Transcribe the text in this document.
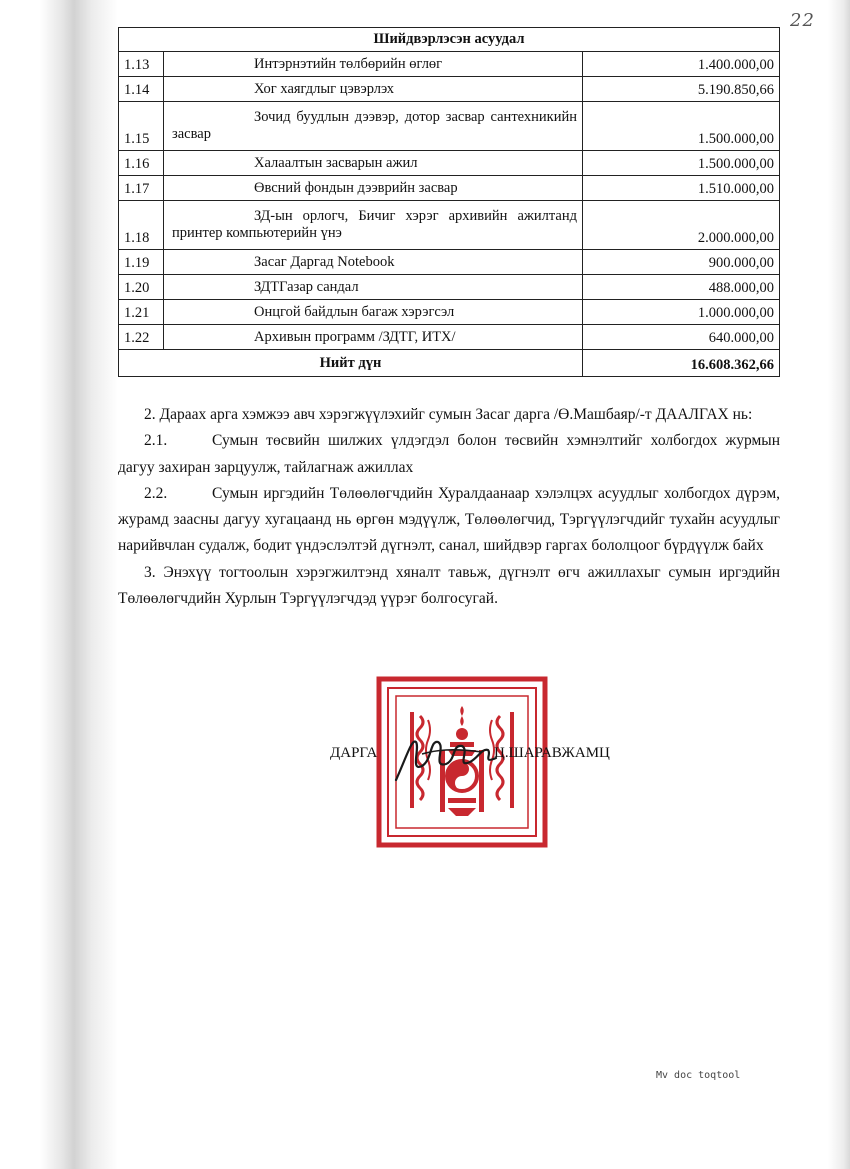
22
Шийдвэрлэсэн асуудал		
1.13	Интэрнэтийн төлбөрийн өглөг	1.400.000,00
1.14	Хог хаягдлыг цэвэрлэх	5.190.850,66
1.15	Зочид буудлын дээвэр, дотор засвар сантехникийн засвар	1.500.000,00
1.16	Халаалтын засварын ажил	1.500.000,00
1.17	Өвсний фондын дээврийн засвар	1.510.000,00
1.18	ЗД-ын орлогч, Бичиг хэрэг архивийн ажилтанд принтер компьютерийн үнэ	2.000.000,00
1.19	Засаг Даргад Notebook	900.000,00
1.20	ЗДТГазар сандал	488.000,00
1.21	Онцгой байдлын багаж хэрэгсэл	1.000.000,00
1.22	Архивын программ /ЗДТГ, ИТХ/	640.000,00
Нийт дүн		16.608.362,66

2. Дараах арга хэмжээ авч хэрэгжүүлэхийг сумын Засаг дарга /Ө.Машбаяр/-т ДААЛГАХ нь:

2.1.	Сумын төсвийн шилжих үлдэгдэл болон төсвийн хэмнэлтийг холбогдох журмын дагуу захиран зарцуулж, тайлагнаж ажиллах

2.2.	Сумын иргэдийн Төлөөлөгчдийн Хуралдаанаар хэлэлцэх асуудлыг холбогдох дүрэм, журамд заасны дагуу хугацаанд нь өргөн мэдүүлж, Төлөөлөгчид, Тэргүүлэгчдийг тухайн асуудлыг нарийвчлан судалж, бодит үндэслэлтэй дүгнэлт, санал, шийдвэр гаргах бололцоог бүрдүүлж байх

3. Энэхүү тогтоолын хэрэгжилтэнд хяналт тавьж, дүгнэлт өгч ажиллахыг сумын иргэдийн Төлөөлөгчдийн Хурлын Тэргүүлэгчдэд үүрэг болгосугай.

ДАРГА	Ц.ШАРАВЖАМЦ
Mv doc toqtool
